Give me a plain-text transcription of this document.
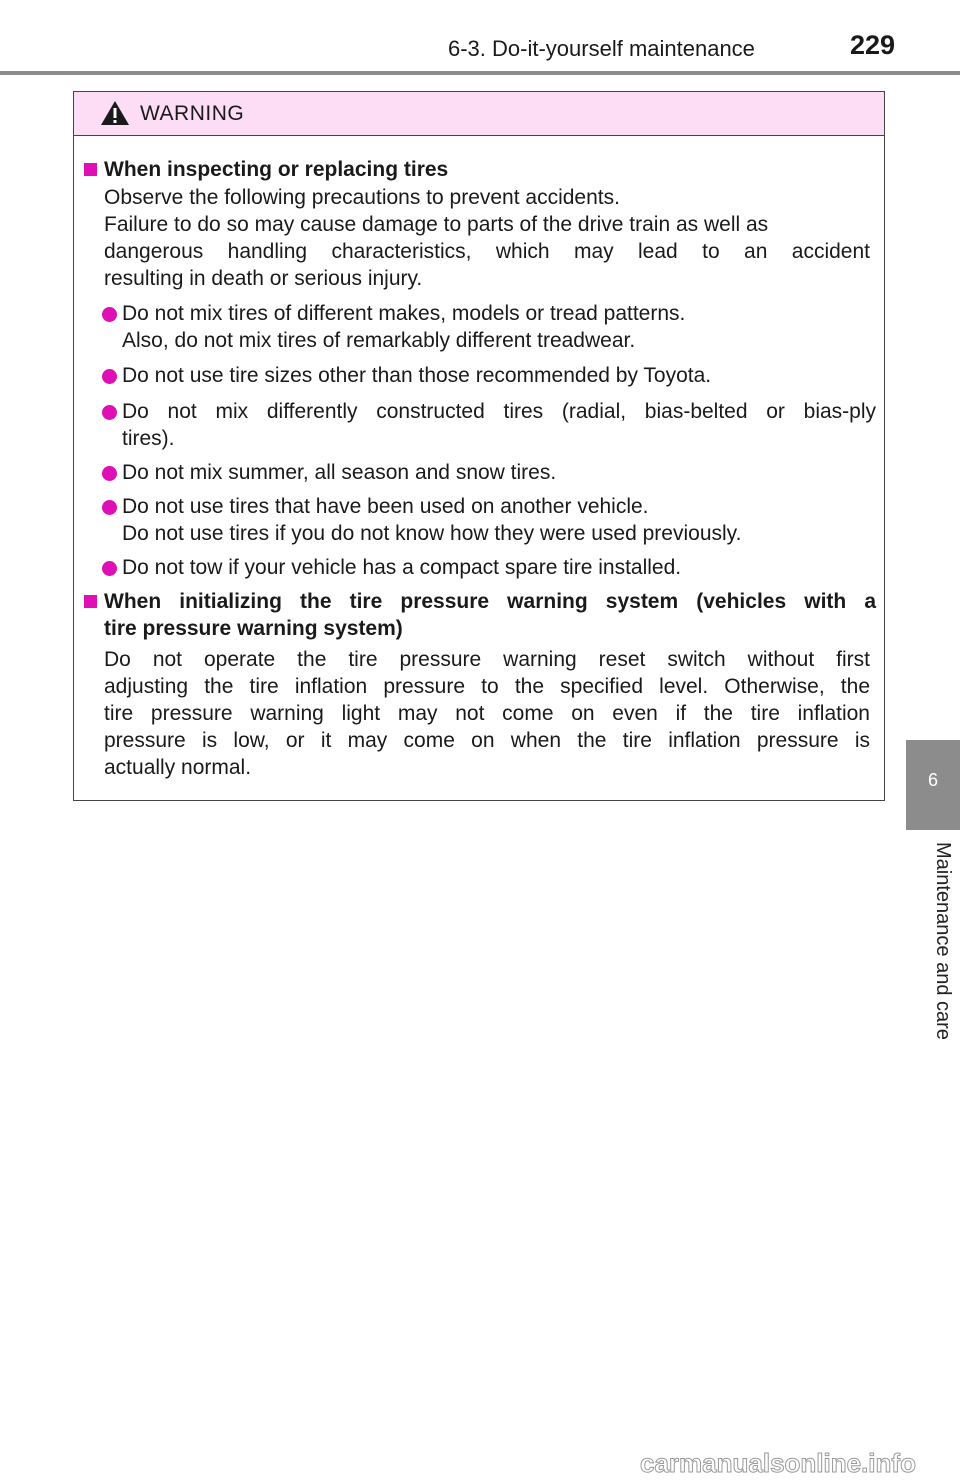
6-3. Do-it-yourself maintenance	229
6
Maintenance and care
WARNING
When inspecting or replacing tires
Observe the following precautions to prevent accidents.
Failure to do so may cause damage to parts of the drive train as well as
dangerous handling characteristics, which may lead to an accident
resulting in death or serious injury.
Do not mix tires of different makes, models or tread patterns.
Also, do not mix tires of remarkably different treadwear.
Do not use tire sizes other than those recommended by Toyota.
Do not mix differently constructed tires (radial, bias-belted or bias-ply
tires).
Do not mix summer, all season and snow tires.
Do not use tires that have been used on another vehicle.
Do not use tires if you do not know how they were used previously.
Do not tow if your vehicle has a compact spare tire installed.
When initializing the tire pressure warning system (vehicles with a
tire pressure warning system)
Do not operate the tire pressure warning reset switch without first
adjusting the tire inflation pressure to the specified level. Otherwise, the
tire pressure warning light may not come on even if the tire inflation
pressure is low, or it may come on when the tire inflation pressure is
actually normal.
carmanualsonline.info
